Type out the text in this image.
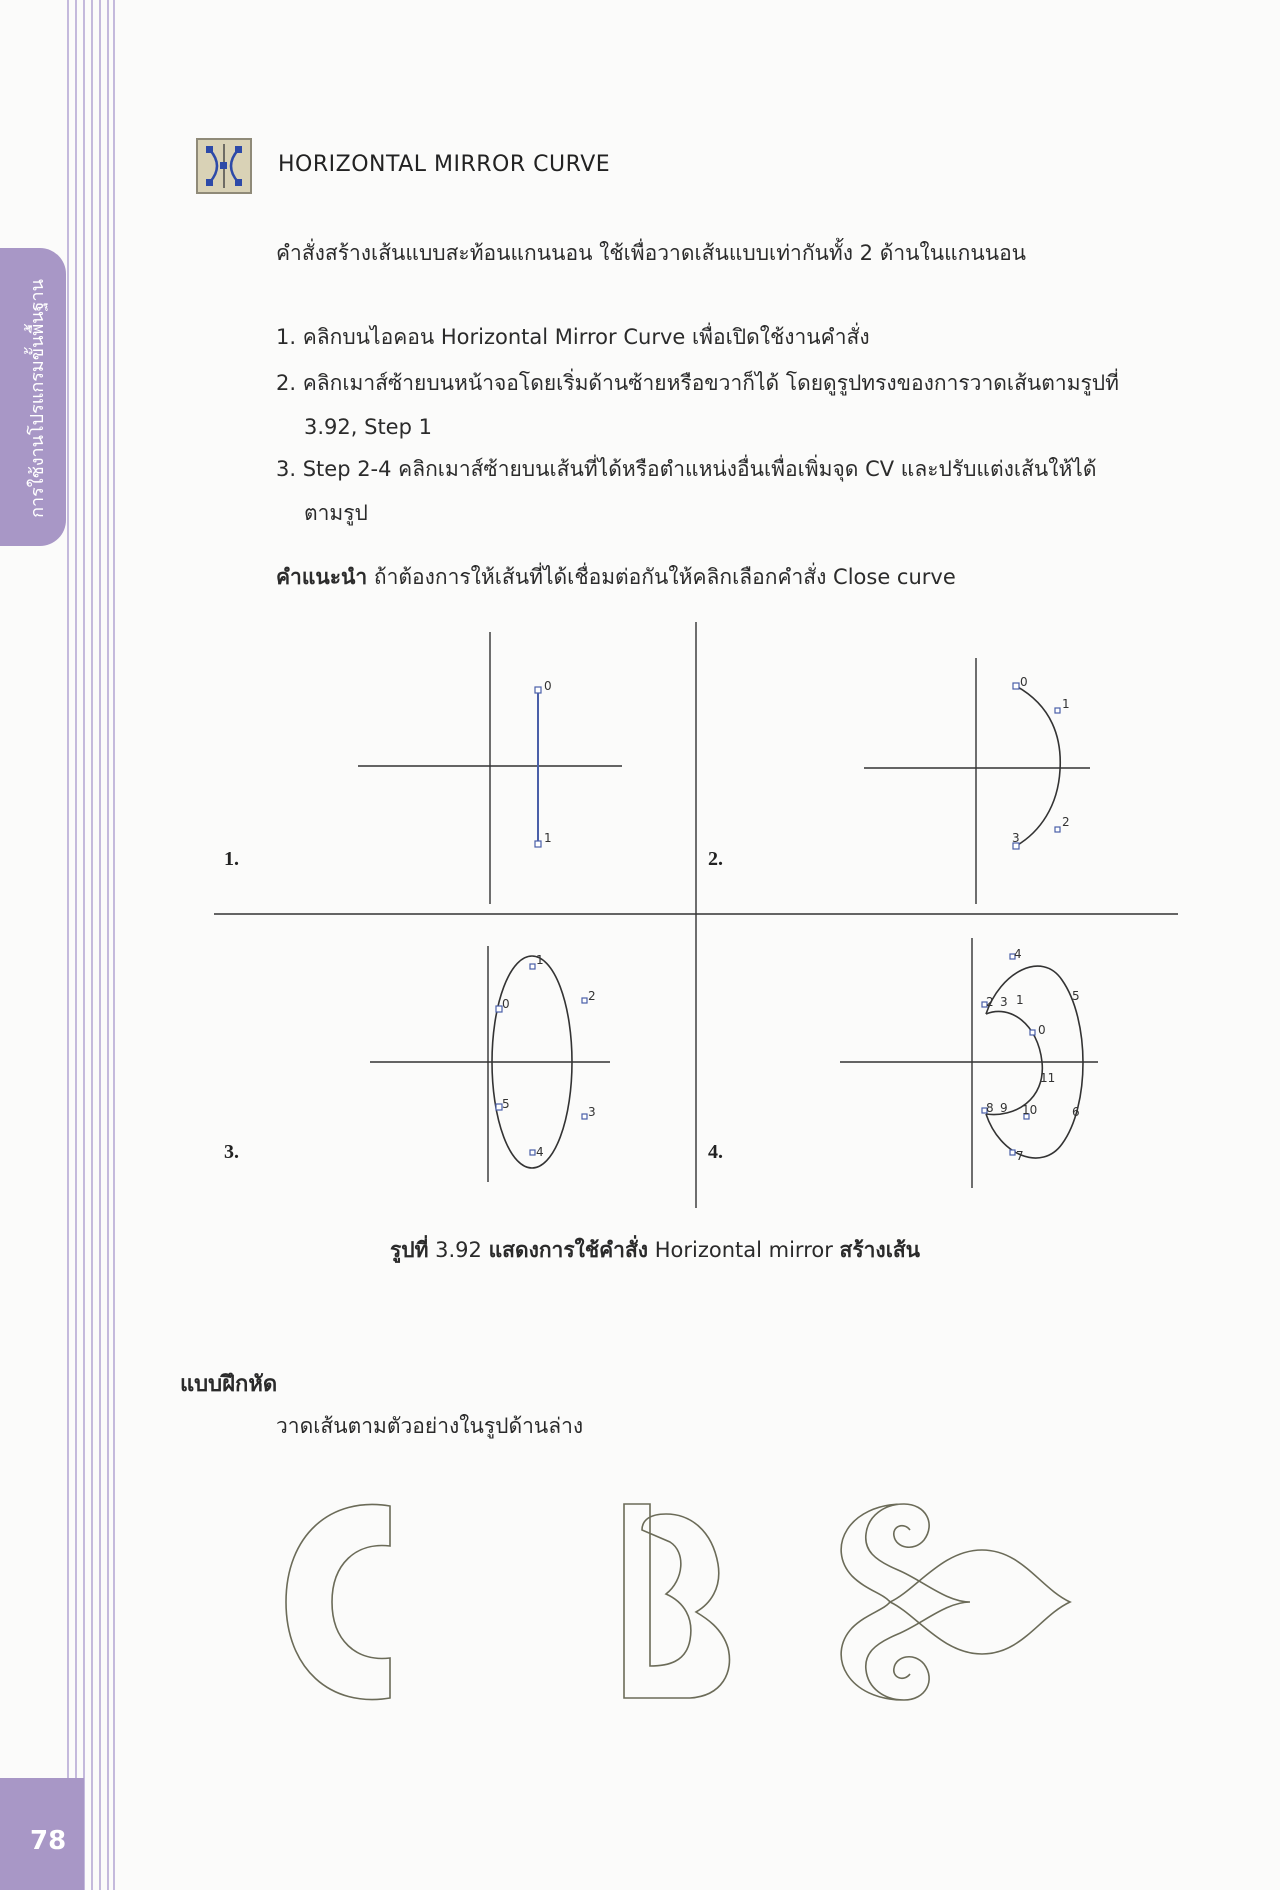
การใช้งานโปรแกรมขั้นพื้นฐาน
78
HORIZONTAL MIRROR CURVE
คำสั่งสร้างเส้นแบบสะท้อนแกนนอน ใช้เพื่อวาดเส้นแบบเท่ากันทั้ง 2 ด้านในแกนนอน
1. คลิกบนไอคอน Horizontal Mirror Curve เพื่อเปิดใช้งานคำสั่ง
2. คลิกเมาส์ซ้ายบนหน้าจอโดยเริ่มด้านซ้ายหรือขวาก็ได้ โดยดูรูปทรงของการวาดเส้นตามรูปที่
3.92, Step 1
3. Step 2-4 คลิกเมาส์ซ้ายบนเส้นที่ได้หรือตำแหน่งอื่นเพื่อเพิ่มจุด CV และปรับแต่งเส้นให้ได้
ตามรูป
คำแนะนำ ถ้าต้องการให้เส้นที่ได้เชื่อมต่อกันให้คลิกเลือกคำสั่ง Close curve
0
1
1.
0
1
2
3
2.
0
1
2
3
4
5
3.
4
5
2 3 1
0
11
8 9 10	6
7
4.
รูปที่ 3.92 แสดงการใช้คำสั่ง Horizontal mirror สร้างเส้น
แบบฝึกหัด
วาดเส้นตามตัวอย่างในรูปด้านล่าง
